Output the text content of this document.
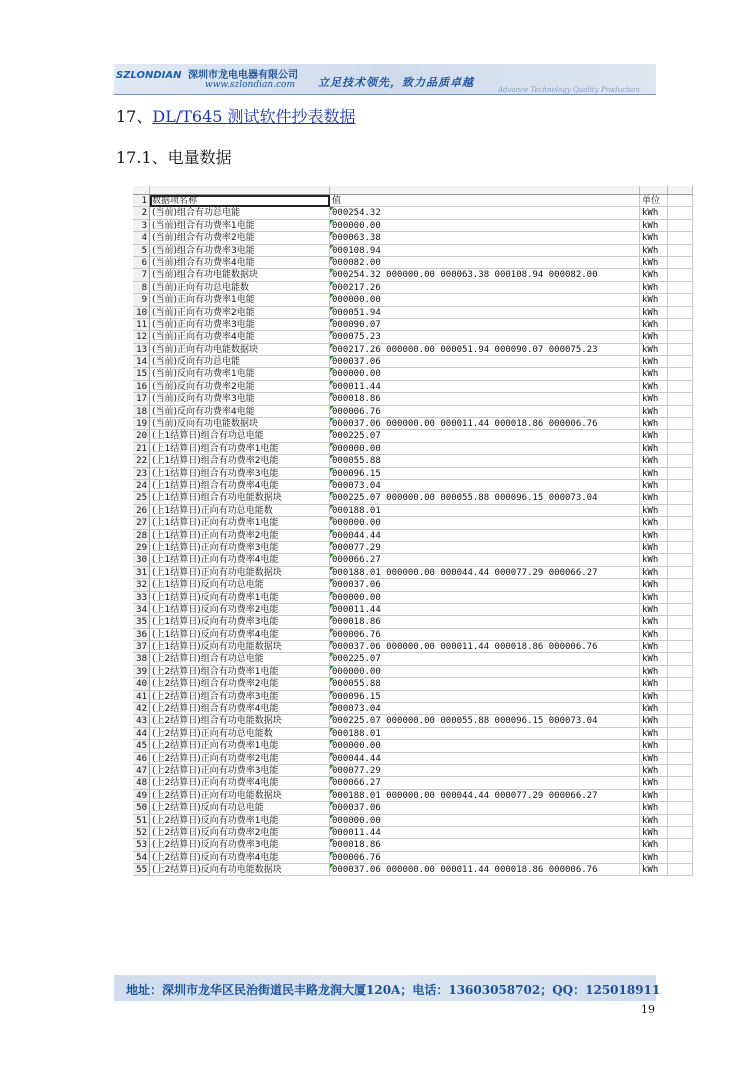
SZLONDIAN 深圳市龙电电器有限公司
www.szlondian.com 立足技术领先，致力品质卓越
Advance Technology Quality Production
17、DL/T645 测试软件抄表数据
17.1、电量数据
1 数据项名称	值	单位
2 (当前)组合有功总电能	000254.32	kWh
3 (当前)组合有功费率1电能	000000.00	kWh
4 (当前)组合有功费率2电能	000063.38	kWh
5 (当前)组合有功费率3电能	000108.94	kWh
6 (当前)组合有功费率4电能	000082.00	kWh
7 (当前)组合有功电能数据块	000254.32 000000.00 000063.38 000108.94 000082.00	kWh
8 (当前)正向有功总电能数	000217.26	kWh
9 (当前)正向有功费率1电能	000000.00	kWh
10 (当前)正向有功费率2电能	000051.94	kWh
11 (当前)正向有功费率3电能	000090.07	kWh
12 (当前)正向有功费率4电能	000075.23	kWh
13 (当前)正向有功电能数据块	000217.26 000000.00 000051.94 000090.07 000075.23	kWh
14 (当前)反向有功总电能	000037.06	kWh
15 (当前)反向有功费率1电能	000000.00	kWh
16 (当前)反向有功费率2电能	000011.44	kWh
17 (当前)反向有功费率3电能	000018.86	kWh
18 (当前)反向有功费率4电能	000006.76	kWh
19 (当前)反向有功电能数据块	000037.06 000000.00 000011.44 000018.86 000006.76	kWh
20 (上1结算日)组合有功总电能	000225.07	kWh
21 (上1结算日)组合有功费率1电能	000000.00	kWh
22 (上1结算日)组合有功费率2电能	000055.88	kWh
23 (上1结算日)组合有功费率3电能	000096.15	kWh
24 (上1结算日)组合有功费率4电能	000073.04	kWh
25 (上1结算日)组合有功电能数据块	000225.07 000000.00 000055.88 000096.15 000073.04	kWh
26 (上1结算日)正向有功总电能数	000188.01	kWh
27 (上1结算日)正向有功费率1电能	000000.00	kWh
28 (上1结算日)正向有功费率2电能	000044.44	kWh
29 (上1结算日)正向有功费率3电能	000077.29	kWh
30 (上1结算日)正向有功费率4电能	000066.27	kWh
31 (上1结算日)正向有功电能数据块	000188.01 000000.00 000044.44 000077.29 000066.27	kWh
32 (上1结算日)反向有功总电能	000037.06	kWh
33 (上1结算日)反向有功费率1电能	000000.00	kWh
34 (上1结算日)反向有功费率2电能	000011.44	kWh
35 (上1结算日)反向有功费率3电能	000018.86	kWh
36 (上1结算日)反向有功费率4电能	000006.76	kWh
37 (上1结算日)反向有功电能数据块	000037.06 000000.00 000011.44 000018.86 000006.76	kWh
38 (上2结算日)组合有功总电能	000225.07	kWh
39 (上2结算日)组合有功费率1电能	000000.00	kWh
40 (上2结算日)组合有功费率2电能	000055.88	kWh
41 (上2结算日)组合有功费率3电能	000096.15	kWh
42 (上2结算日)组合有功费率4电能	000073.04	kWh
43 (上2结算日)组合有功电能数据块	000225.07 000000.00 000055.88 000096.15 000073.04	kWh
44 (上2结算日)正向有功总电能数	000188.01	kWh
45 (上2结算日)正向有功费率1电能	000000.00	kWh
46 (上2结算日)正向有功费率2电能	000044.44	kWh
47 (上2结算日)正向有功费率3电能	000077.29	kWh
48 (上2结算日)正向有功费率4电能	000066.27	kWh
49 (上2结算日)正向有功电能数据块	000188.01 000000.00 000044.44 000077.29 000066.27	kWh
50 (上2结算日)反向有功总电能	000037.06	kWh
51 (上2结算日)反向有功费率1电能	000000.00	kWh
52 (上2结算日)反向有功费率2电能	000011.44	kWh
53 (上2结算日)反向有功费率3电能	000018.86	kWh
54 (上2结算日)反向有功费率4电能	000006.76	kWh
55 (上2结算日)反向有功电能数据块	000037.06 000000.00 000011.44 000018.86 000006.76	kWh
地址：深圳市龙华区民治街道民丰路龙润大厦120A；电话：13603058702；QQ：125018911
19
